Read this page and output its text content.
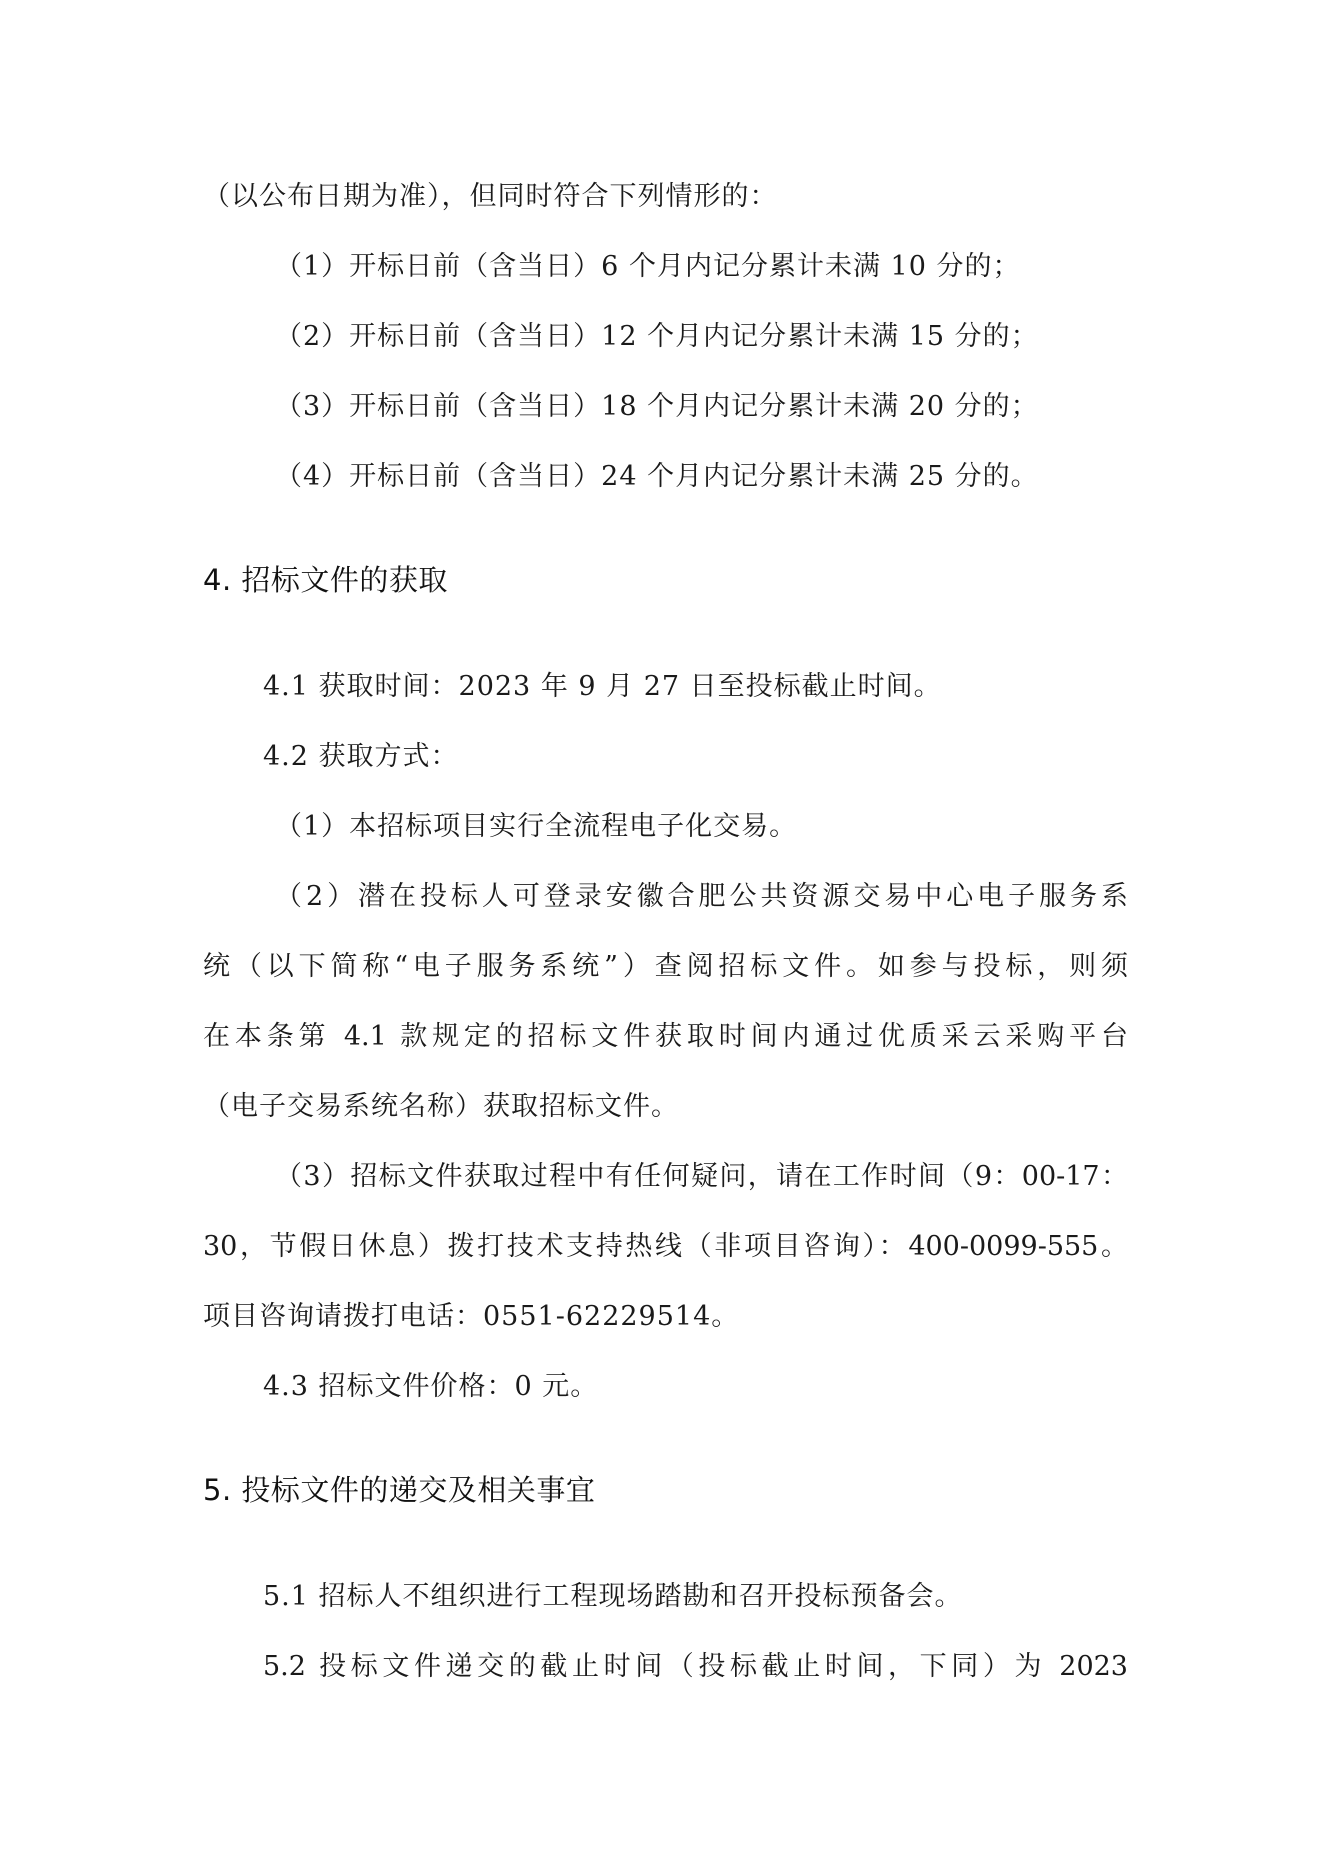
（以公布日期为准），但同时符合下列情形的：
（1）开标日前（含当日）6 个月内记分累计未满 10 分的；
（2）开标日前（含当日）12 个月内记分累计未满 15 分的；
（3）开标日前（含当日）18 个月内记分累计未满 20 分的；
（4）开标日前（含当日）24 个月内记分累计未满 25 分的。
4. 招标文件的获取
4.1 获取时间：2023 年 9 月 27 日至投标截止时间。
4.2 获取方式：
（1）本招标项目实行全流程电子化交易。
（2）潜在投标人可登录安徽合肥公共资源交易中心电子服务系
统（以下简称“电子服务系统”）查阅招标文件。如参与投标，则须
在本条第 4.1 款规定的招标文件获取时间内通过优质采云采购平台
（电子交易系统名称）获取招标文件。
（3）招标文件获取过程中有任何疑问，请在工作时间（9：00-17：
30，节假日休息）拨打技术支持热线（非项目咨询）：400-0099-555。
项目咨询请拨打电话：0551-62229514。
4.3 招标文件价格：0 元。
5. 投标文件的递交及相关事宜
5.1 招标人不组织进行工程现场踏勘和召开投标预备会。
5.2 投标文件递交的截止时间（投标截止时间，下同）为 2023
